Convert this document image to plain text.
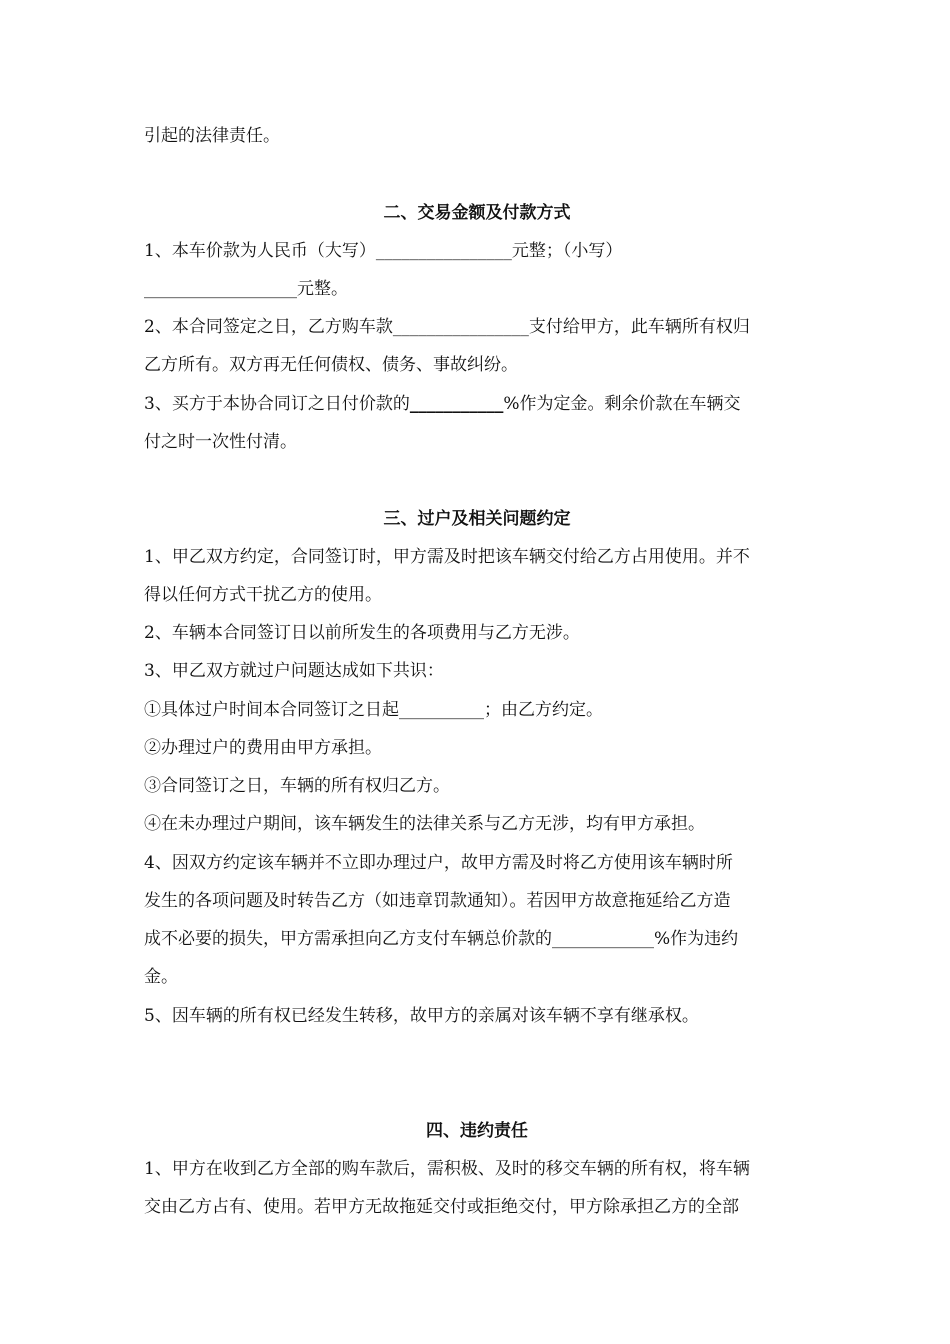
引起的法律责任。
二、交易金额及付款方式
1、本车价款为人民币（大写）________________元整；（小写）
__________________元整。
2、本合同签定之日，乙方购车款________________支付给甲方，此车辆所有权归
乙方所有。双方再无任何债权、债务、事故纠纷。
3、买方于本协合同订之日付价款的___________%作为定金。剩余价款在车辆交
付之时一次性付清。
三、过户及相关问题约定
1、甲乙双方约定，合同签订时，甲方需及时把该车辆交付给乙方占用使用。并不
得以任何方式干扰乙方的使用。
2、车辆本合同签订日以前所发生的各项费用与乙方无涉。
3、甲乙双方就过户问题达成如下共识：
①具体过户时间本合同签订之日起__________；由乙方约定。
②办理过户的费用由甲方承担。
③合同签订之日，车辆的所有权归乙方。
④在未办理过户期间，该车辆发生的法律关系与乙方无涉，均有甲方承担。
4、因双方约定该车辆并不立即办理过户，故甲方需及时将乙方使用该车辆时所
发生的各项问题及时转告乙方（如违章罚款通知）。若因甲方故意拖延给乙方造
成不必要的损失，甲方需承担向乙方支付车辆总价款的____________%作为违约
金。
5、因车辆的所有权已经发生转移，故甲方的亲属对该车辆不享有继承权。
四、违约责任
1、甲方在收到乙方全部的购车款后，需积极、及时的移交车辆的所有权，将车辆
交由乙方占有、使用。若甲方无故拖延交付或拒绝交付，甲方除承担乙方的全部
